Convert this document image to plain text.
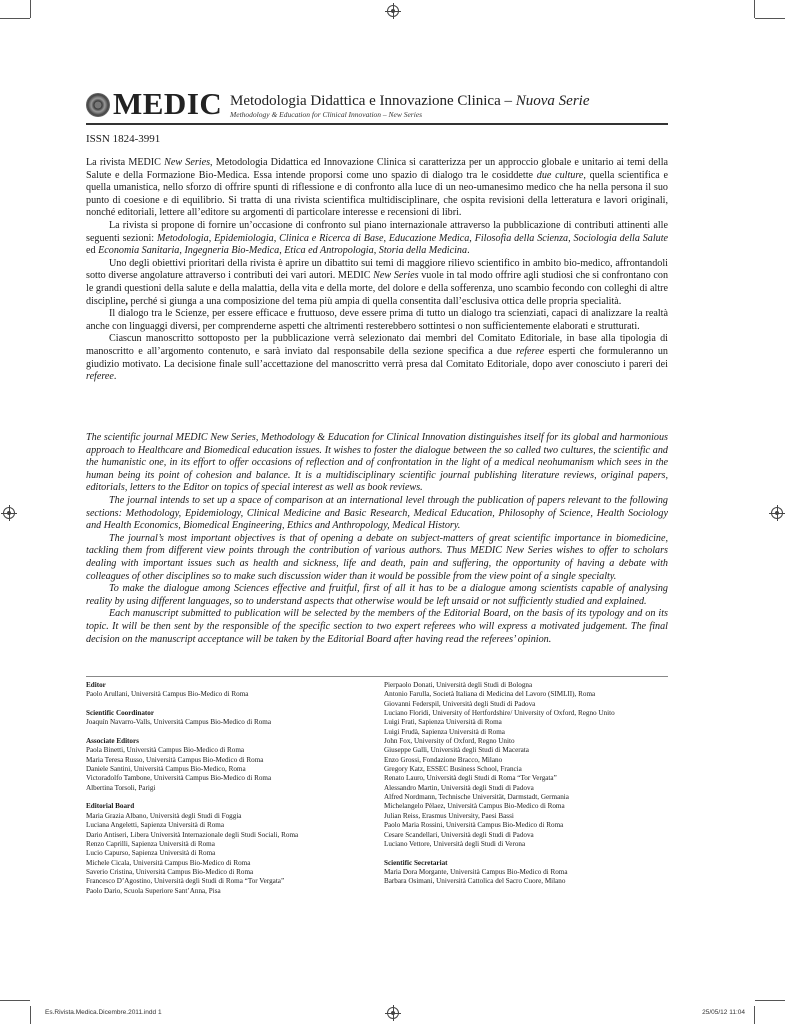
MEDIC Metodologia Didattica e Innovazione Clinica – Nuova Serie
Methodology & Education for Clinical Innovation – New Series
ISSN 1824-3991

La rivista MEDIC New Series, Metodologia Didattica ed Innovazione Clinica si caratterizza per un approccio globale e unitario ai temi della Salute e della Formazione Bio-Medica. Essa intende proporsi come uno spazio di dialogo tra le cosiddette due culture, quella scientifica e quella umanistica, nello sforzo di offrire spunti di riflessione e di confronto alla luce di un neo-umanesimo medico che ha nella persona il suo punto di coesione e di equilibrio. Si tratta di una rivista scientifica multidisciplinare, che ospita revisioni della letteratura e lavori originali, nonché editoriali, lettere all’editore su argomenti di particolare interesse e recensioni di libri.

La rivista si propone di fornire un’occasione di confronto sul piano internazionale attraverso la pubblicazione di contributi attinenti alle seguenti sezioni: Metodologia, Epidemiologia, Clinica e Ricerca di Base, Educazione Medica, Filosofia della Scienza, Sociologia della Salute ed Economia Sanitaria, Ingegneria Bio-Medica, Etica ed Antropologia, Storia della Medicina.

Uno degli obiettivi prioritari della rivista è aprire un dibattito sui temi di maggiore rilievo scientifico in ambito bio-medico, affrontandoli sotto diverse angolature attraverso i contributi dei vari autori. MEDIC New Series vuole in tal modo offrire agli studiosi che si confrontano con le grandi questioni della salute e della malattia, della vita e della morte, del dolore e della sofferenza, uno scambio fecondo con colleghi di altre discipline, perché si giunga a una composizione del tema più ampia di quella consentita dall’esclusiva ottica delle propria specialità.

Il dialogo tra le Scienze, per essere efficace e fruttuoso, deve essere prima di tutto un dialogo tra scienziati, capaci di analizzare la realtà anche con linguaggi diversi, per comprenderne aspetti che altrimenti resterebbero sottintesi o non sufficientemente elaborati e strutturati.

Ciascun manoscritto sottoposto per la pubblicazione verrà selezionato dai membri del Comitato Editoriale, in base alla tipologia di manoscritto e all’argomento contenuto, e sarà inviato dal responsabile della sezione specifica a due referee esperti che formuleranno un giudizio motivato. La decisione finale sull’accettazione del manoscritto verrà presa dal Comitato Editoriale, dopo aver conosciuto i pareri dei referee.

The scientific journal MEDIC New Series, Methodology & Education for Clinical Innovation distinguishes itself for its global and harmonious approach to Healthcare and Biomedical education issues. It wishes to foster the dialogue between the so called two cultures, the scientific and the humanistic one, in its effort to offer occasions of reflection and of confrontation in the light of a medical neohumanism which sees in the human being its point of cohesion and balance. It is a multidisciplinary scientific journal publishing literature reviews, original papers, editorials, letters to the Editor on topics of special interest as well as book reviews.

The journal intends to set up a space of comparison at an international level through the publication of papers relevant to the following sections: Methodology, Epidemiology, Clinical Medicine and Basic Research, Medical Education, Philosophy of Science, Health Sociology and Health Economics, Biomedical Engineering, Ethics and Anthropology, Medical History.

The journal’s most important objectives is that of opening a debate on subject-matters of great scientific importance in biomedicine, tackling them from different view points through the contribution of various authors. Thus MEDIC New Series wishes to offer to scholars dealing with important issues such as health and sickness, life and death, pain and suffering, the opportunity of having a debate with colleagues of other disciplines so to make such discussion wider than it would be possible from the view point of a single specialty.

To make the dialogue among Sciences effective and fruitful, first of all it has to be a dialogue among scientists capable of analysing reality by using different languages, so to understand aspects that otherwise would be left unsaid or not sufficiently studied and explained.

Each manuscript submitted to publication will be selected by the members of the Editorial Board, on the basis of its typology and on its topic. It will be then sent by the responsible of the specific section to two expert referees who will express a motivated judgement. The final decision on the manuscript acceptance will be taken by the Editorial Board after having read the referees’ opinion.

Editor
Paolo Arullani, Università Campus Bio-Medico di Roma
Scientific Coordinator
Joaquín Navarro-Valls, Università Campus Bio-Medico di Roma
Associate Editors
Paola Binetti, Università Campus Bio-Medico di Roma
Maria Teresa Russo, Università Campus Bio-Medico di Roma
Daniele Santini, Università Campus Bio-Medico, Roma
Victoradolfo Tambone, Università Campus Bio-Medico di Roma
Albertina Torsoli, Parigi
Editorial Board
Maria Grazia Albano, Università degli Studi di Foggia
Luciana Angeletti, Sapienza Università di Roma
Dario Antiseri, Libera Università Internazionale degli Studi Sociali, Roma
Renzo Caprilli, Sapienza Università di Roma
Lucio Capurso, Sapienza Università di Roma
Michele Cicala, Università Campus Bio-Medico di Roma
Saverio Cristina, Università Campus Bio-Medico di Roma
Francesco D’Agostino, Università degli Studi di Roma “Tor Vergata”
Paolo Dario, Scuola Superiore Sant’Anna, Pisa
Pierpaolo Donati, Università degli Studi di Bologna
Antonio Farulla, Società Italiana di Medicina del Lavoro (SIMLII), Roma
Giovanni Federspil, Università degli Studi di Padova
Luciano Floridi, University of Hertfordshire/ University of Oxford, Regno Unito
Luigi Frati, Sapienza Università di Roma
Luigi Frudà, Sapienza Università di Roma
John Fox, University of Oxford, Regno Unito
Giuseppe Galli, Università degli Studi di Macerata
Enzo Grossi, Fondazione Bracco, Milano
Gregory Katz, ESSEC Business School, Francia
Renato Lauro, Università degli Studi di Roma “Tor Vergata”
Alessandro Martin, Università degli Studi di Padova
Alfred Nordmann, Technische Universität, Darmstadt, Germania
Michelangelo Pèlaez, Università Campus Bio-Medico di Roma
Julian Reiss, Erasmus University, Paesi Bassi
Paolo Maria Rossini, Università Campus Bio-Medico di Roma
Cesare Scandellari, Università degli Studi di Padova
Luciano Vettore, Università degli Studi di Verona
Scientific Secretariat
Maria Dora Morgante, Università Campus Bio-Medico di Roma
Barbara Osimani, Università Cattolica del Sacro Cuore, Milano
Es.Rivista.Medica.Dicembre.2011.indd 1	25/05/12 11:04
